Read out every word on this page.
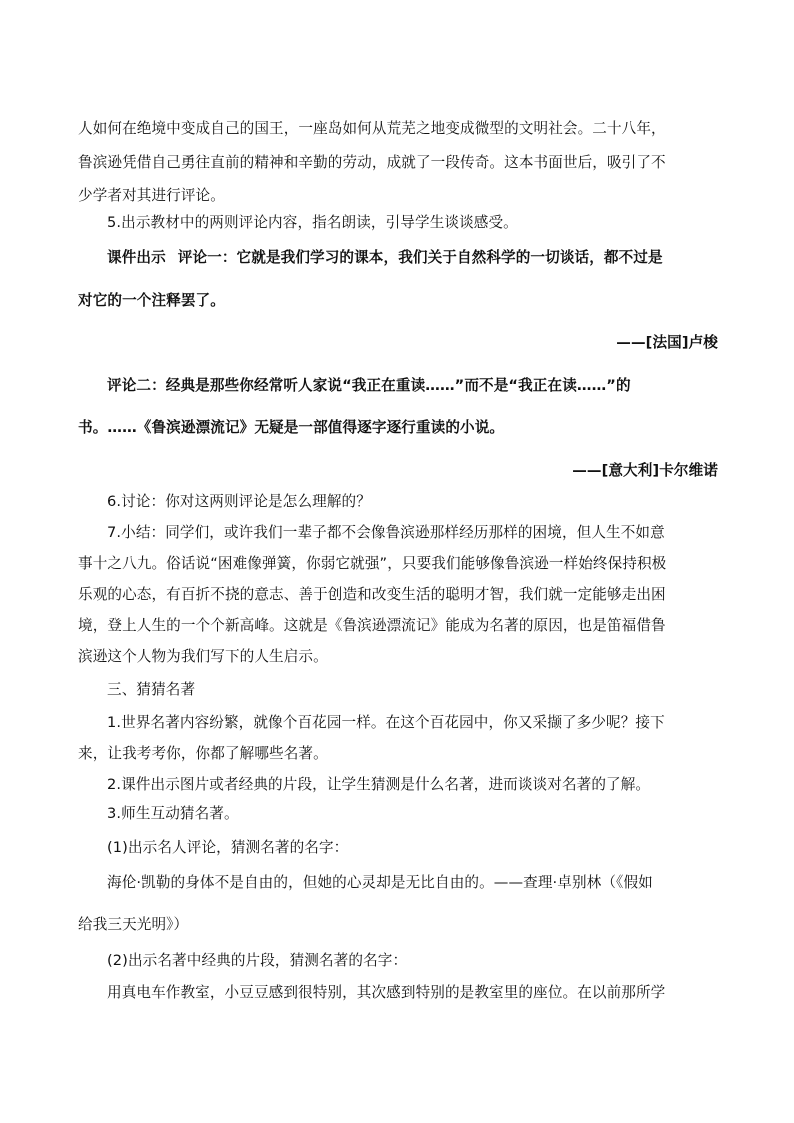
人如何在绝境中变成自己的国王，一座岛如何从荒芜之地变成微型的文明社会。二十八年，
鲁滨逊凭借自己勇往直前的精神和辛勤的劳动，成就了一段传奇。这本书面世后，吸引了不
少学者对其进行评论。
5.出示教材中的两则评论内容，指名朗读，引导学生谈谈感受。
课件出示 评论一：它就是我们学习的课本，我们关于自然科学的一切谈话，都不过是
对它的一个注释罢了。
——[法国]卢梭
评论二：经典是那些你经常听人家说“我正在重读……”而不是“我正在读……”的
书。……《鲁滨逊漂流记》无疑是一部值得逐字逐行重读的小说。
——[意大利]卡尔维诺
6.讨论：你对这两则评论是怎么理解的？
7.小结：同学们，或许我们一辈子都不会像鲁滨逊那样经历那样的困境，但人生不如意
事十之八九。俗话说“困难像弹簧，你弱它就强”，只要我们能够像鲁滨逊一样始终保持积极
乐观的心态，有百折不挠的意志、善于创造和改变生活的聪明才智，我们就一定能够走出困
境，登上人生的一个个新高峰。这就是《鲁滨逊漂流记》能成为名著的原因，也是笛福借鲁
滨逊这个人物为我们写下的人生启示。
三、猜猜名著
1.世界名著内容纷繁，就像个百花园一样。在这个百花园中，你又采撷了多少呢？接下
来，让我考考你，你都了解哪些名著。
2.课件出示图片或者经典的片段，让学生猜测是什么名著，进而谈谈对名著的了解。
3.师生互动猜名著。
(1)出示名人评论，猜测名著的名字：
海伦·凯勒的身体不是自由的，但她的心灵却是无比自由的。——查理·卓别林（《假如
给我三天光明》）
(2)出示名著中经典的片段，猜测名著的名字：
用真电车作教室，小豆豆感到很特别，其次感到特别的是教室里的座位。在以前那所学
